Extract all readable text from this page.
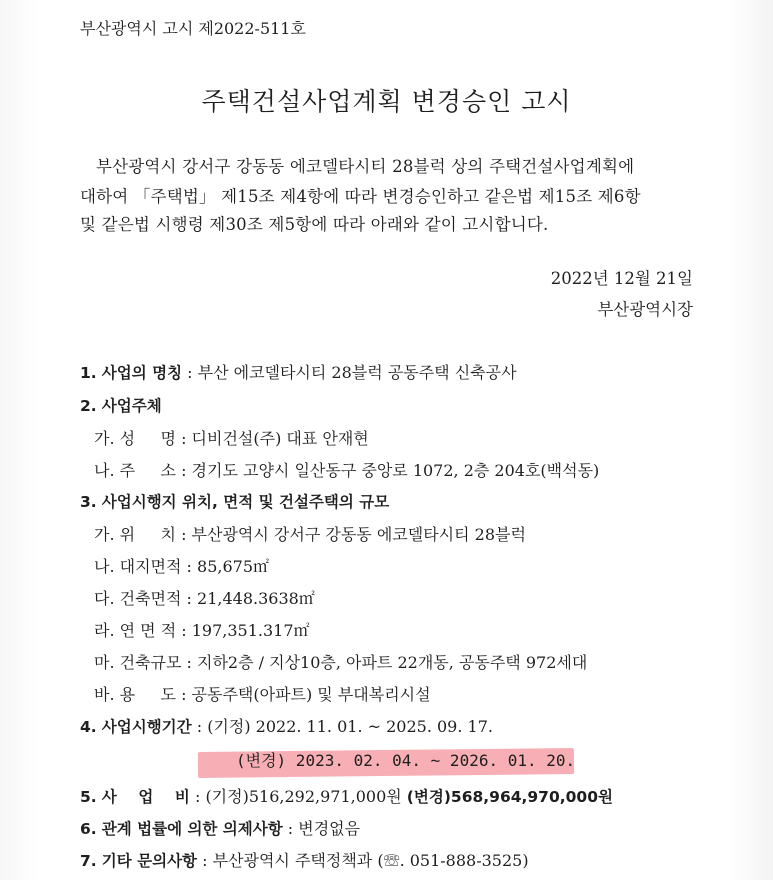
부산광역시 고시 제2022-511호
주택건설사업계획 변경승인 고시
부산광역시 강서구 강동동 에코델타시티 28블럭 상의 주택건설사업계획에
대하여 「주택법」 제15조 제4항에 따라 변경승인하고 같은법 제15조 제6항
및 같은법 시행령 제30조 제5항에 따라 아래와 같이 고시합니다.
2022년 12월 21일
부산광역시장
1. 사업의 명칭 : 부산 에코델타시티 28블럭 공동주택 신축공사
2. 사업주체
가. 성     명 : 디비건설(주) 대표 안재현
나. 주     소 : 경기도 고양시 일산동구 중앙로 1072, 2층 204호(백석동)
3. 사업시행지 위치, 면적 및 건설주택의 규모
가. 위     치 : 부산광역시 강서구 강동동 에코델타시티 28블럭
나. 대지면적 : 85,675㎡
다. 건축면적 : 21,448.3638㎡
라. 연 면 적 : 197,351.317㎡
마. 건축규모 : 지하2층 / 지상10층, 아파트 22개동, 공동주택 972세대
바. 용     도 : 공동주택(아파트) 및 부대복리시설
4. 사업시행기간 : (기정) 2022. 11. 01. ~ 2025. 09. 17.
(변경) 2023. 02. 04. ~ 2026. 01. 20.
5. 사    업    비 : (기정)516,292,971,000원 (변경)568,964,970,000원
6. 관계 법률에 의한 의제사항 : 변경없음
7. 기타 문의사항 : 부산광역시 주택정책과 (☏. 051-888-3525)
